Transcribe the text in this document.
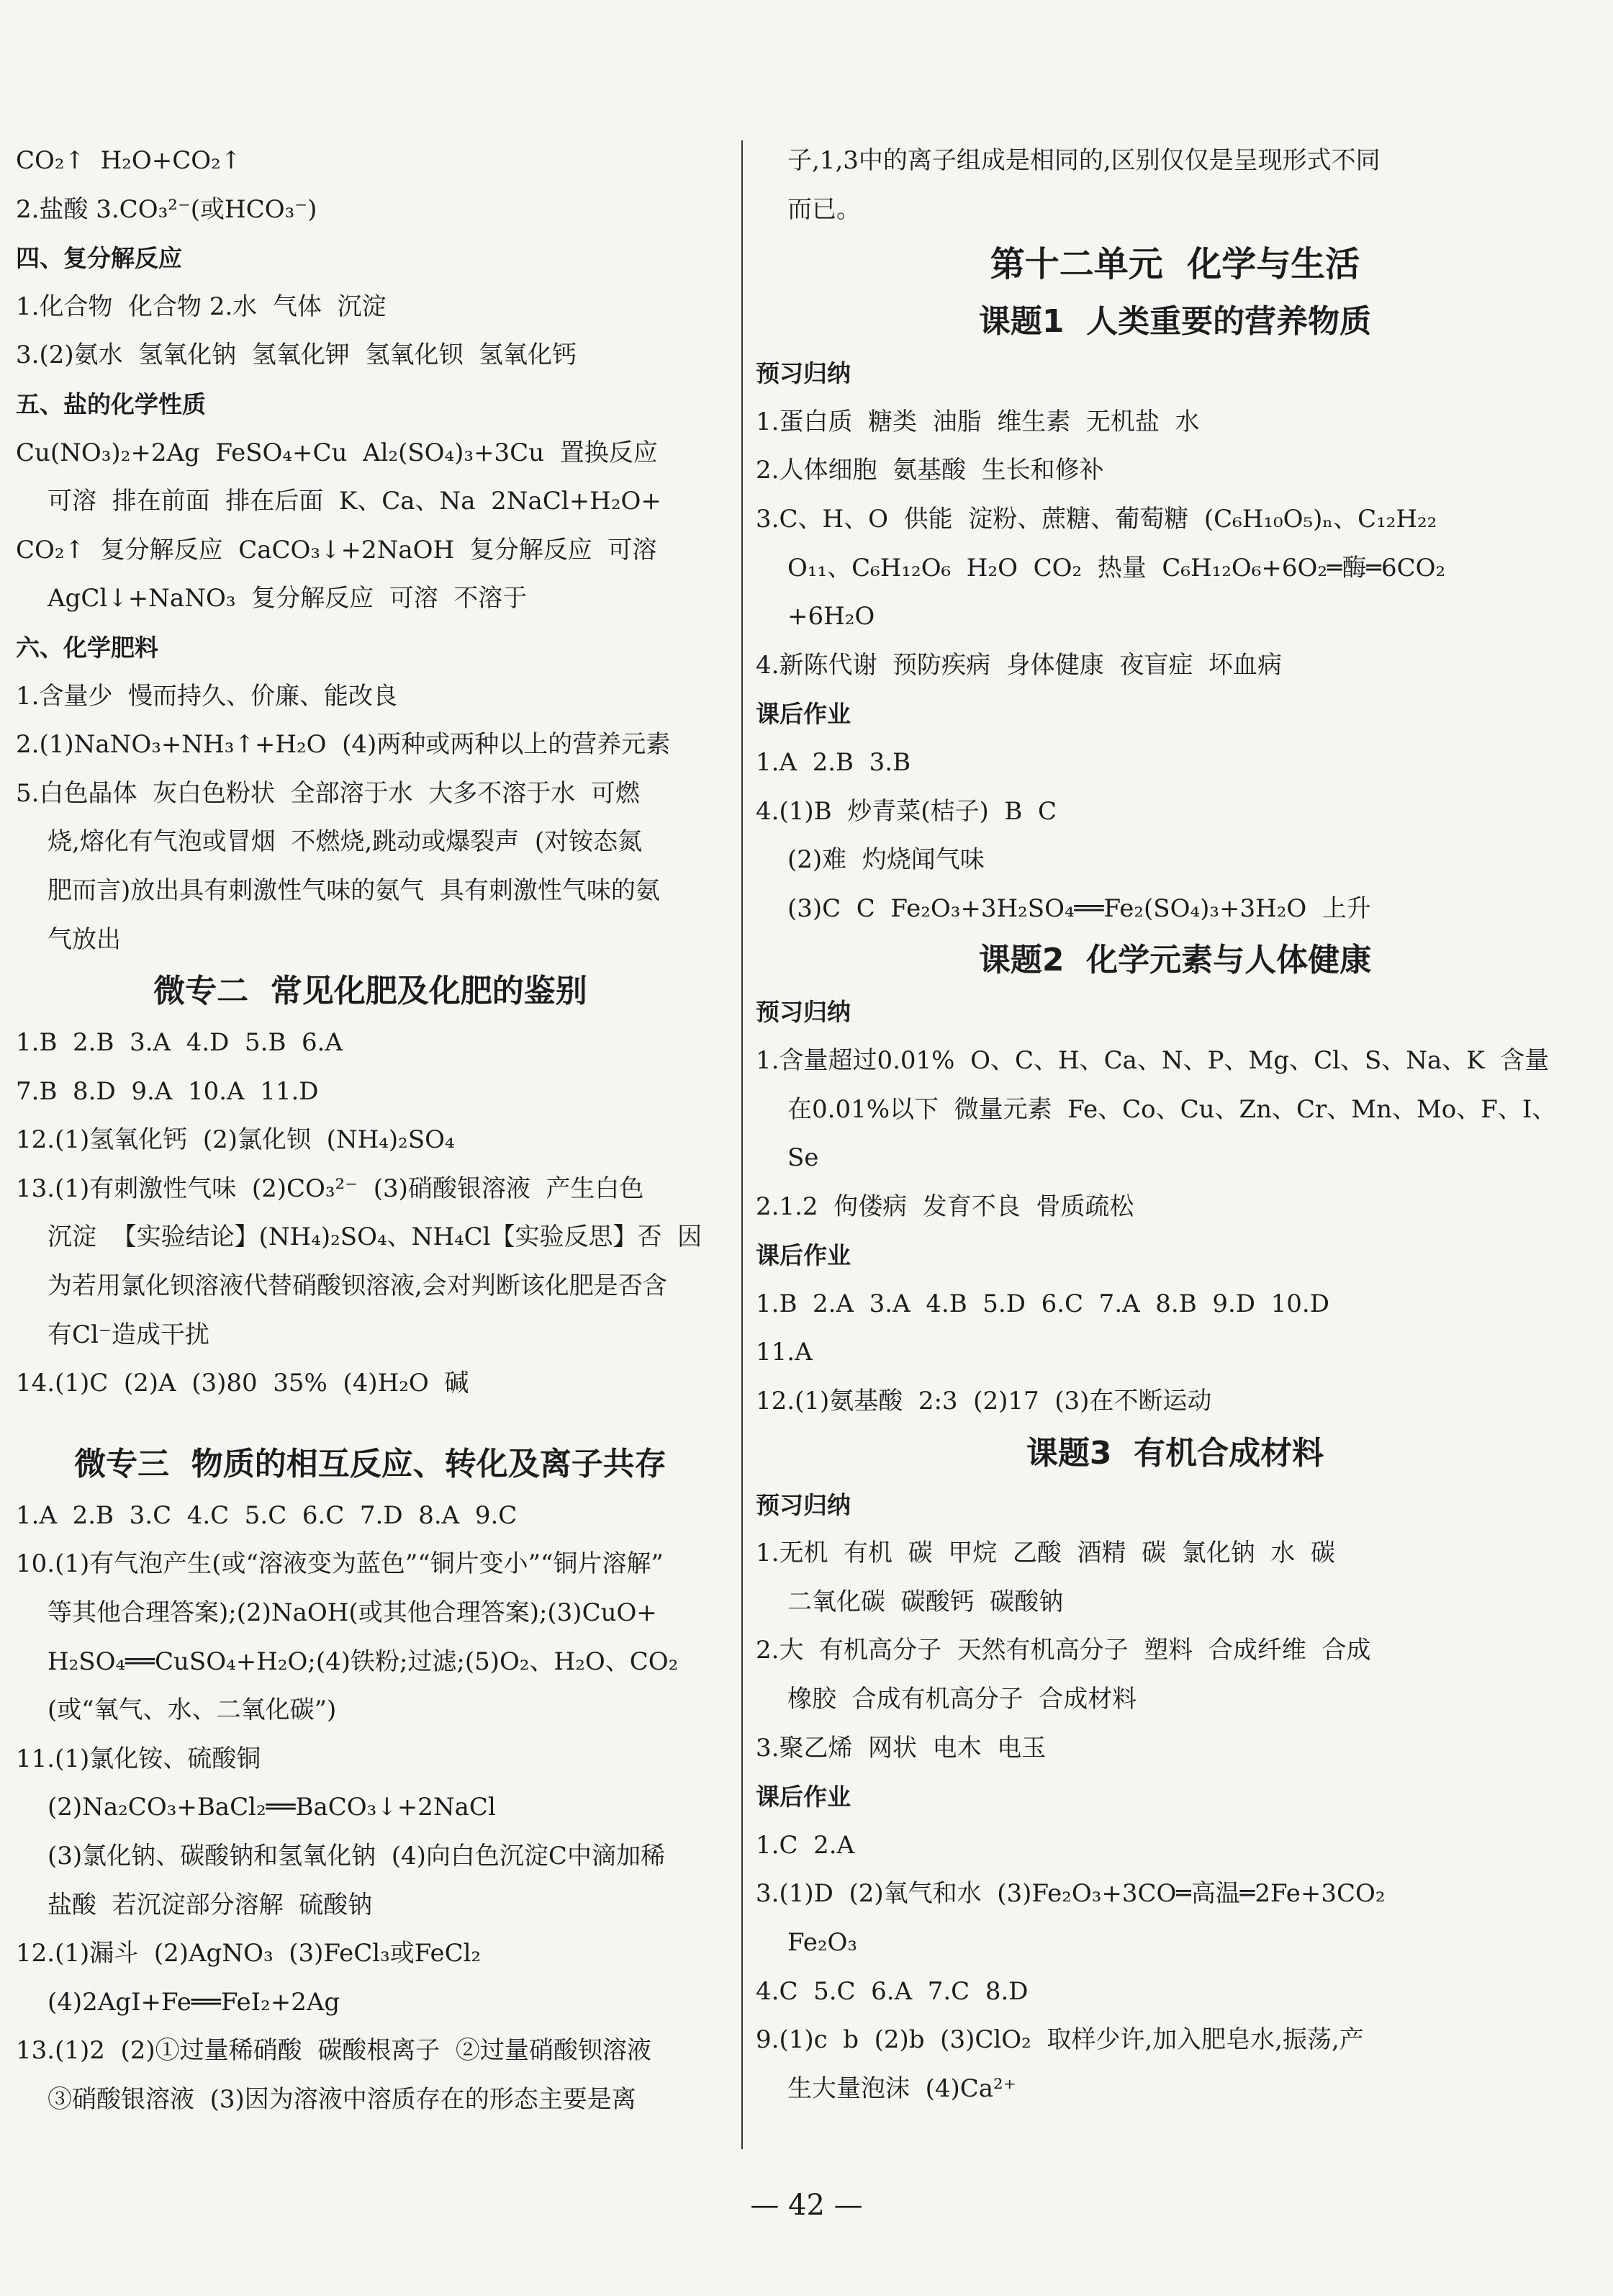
CO₂↑  H₂O+CO₂↑
2.盐酸 3.CO₃²⁻(或HCO₃⁻)
四、复分解反应
1.化合物  化合物 2.水  气体  沉淀
3.(2)氨水  氢氧化钠  氢氧化钾  氢氧化钡  氢氧化钙
五、盐的化学性质
Cu(NO₃)₂+2Ag  FeSO₄+Cu  Al₂(SO₄)₃+3Cu  置换反应
可溶  排在前面  排在后面  K、Ca、Na  2NaCl+H₂O+
CO₂↑  复分解反应  CaCO₃↓+2NaOH  复分解反应  可溶
AgCl↓+NaNO₃  复分解反应  可溶  不溶于
六、化学肥料
1.含量少  慢而持久、价廉、能改良
2.(1)NaNO₃+NH₃↑+H₂O  (4)两种或两种以上的营养元素
5.白色晶体  灰白色粉状  全部溶于水  大多不溶于水  可燃
烧,熔化有气泡或冒烟  不燃烧,跳动或爆裂声  (对铵态氮
肥而言)放出具有刺激性气味的氨气  具有刺激性气味的氨
气放出
微专二  常见化肥及化肥的鉴别
1.B  2.B  3.A  4.D  5.B  6.A
7.B  8.D  9.A  10.A  11.D
12.(1)氢氧化钙  (2)氯化钡  (NH₄)₂SO₄
13.(1)有刺激性气味  (2)CO₃²⁻  (3)硝酸银溶液  产生白色
沉淀  【实验结论】(NH₄)₂SO₄、NH₄Cl【实验反思】否  因
为若用氯化钡溶液代替硝酸钡溶液,会对判断该化肥是否含
有Cl⁻造成干扰
14.(1)C  (2)A  (3)80  35%  (4)H₂O  碱
微专三  物质的相互反应、转化及离子共存
1.A  2.B  3.C  4.C  5.C  6.C  7.D  8.A  9.C
10.(1)有气泡产生(或“溶液变为蓝色”“铜片变小”“铜片溶解”
等其他合理答案);(2)NaOH(或其他合理答案);(3)CuO+
H₂SO₄══CuSO₄+H₂O;(4)铁粉;过滤;(5)O₂、H₂O、CO₂
(或“氧气、水、二氧化碳”)
11.(1)氯化铵、硫酸铜
(2)Na₂CO₃+BaCl₂══BaCO₃↓+2NaCl
(3)氯化钠、碳酸钠和氢氧化钠  (4)向白色沉淀C中滴加稀
盐酸  若沉淀部分溶解  硫酸钠
12.(1)漏斗  (2)AgNO₃  (3)FeCl₃或FeCl₂
(4)2AgI+Fe══FeI₂+2Ag
13.(1)2  (2)①过量稀硝酸  碳酸根离子  ②过量硝酸钡溶液
③硝酸银溶液  (3)因为溶液中溶质存在的形态主要是离
子,1,3中的离子组成是相同的,区别仅仅是呈现形式不同
而已。
第十二单元  化学与生活
课题1  人类重要的营养物质
预习归纳
1.蛋白质  糖类  油脂  维生素  无机盐  水
2.人体细胞  氨基酸  生长和修补
3.C、H、O  供能  淀粉、蔗糖、葡萄糖  (C₆H₁₀O₅)ₙ、C₁₂H₂₂
O₁₁、C₆H₁₂O₆  H₂O  CO₂  热量  C₆H₁₂O₆+6O₂═酶═6CO₂
+6H₂O
4.新陈代谢  预防疾病  身体健康  夜盲症  坏血病
课后作业
1.A  2.B  3.B
4.(1)B  炒青菜(桔子)  B  C
(2)难  灼烧闻气味
(3)C  C  Fe₂O₃+3H₂SO₄══Fe₂(SO₄)₃+3H₂O  上升
课题2  化学元素与人体健康
预习归纳
1.含量超过0.01%  O、C、H、Ca、N、P、Mg、Cl、S、Na、K  含量
在0.01%以下  微量元素  Fe、Co、Cu、Zn、Cr、Mn、Mo、F、I、
Se
2.1.2  佝偻病  发育不良  骨质疏松
课后作业
1.B  2.A  3.A  4.B  5.D  6.C  7.A  8.B  9.D  10.D
11.A
12.(1)氨基酸  2:3  (2)17  (3)在不断运动
课题3  有机合成材料
预习归纳
1.无机  有机  碳  甲烷  乙酸  酒精  碳  氯化钠  水  碳
二氧化碳  碳酸钙  碳酸钠
2.大  有机高分子  天然有机高分子  塑料  合成纤维  合成
橡胶  合成有机高分子  合成材料
3.聚乙烯  网状  电木  电玉
课后作业
1.C  2.A
3.(1)D  (2)氧气和水  (3)Fe₂O₃+3CO═高温═2Fe+3CO₂
Fe₂O₃
4.C  5.C  6.A  7.C  8.D
9.(1)c  b  (2)b  (3)ClO₂  取样少许,加入肥皂水,振荡,产
生大量泡沫  (4)Ca²⁺
— 42 —
